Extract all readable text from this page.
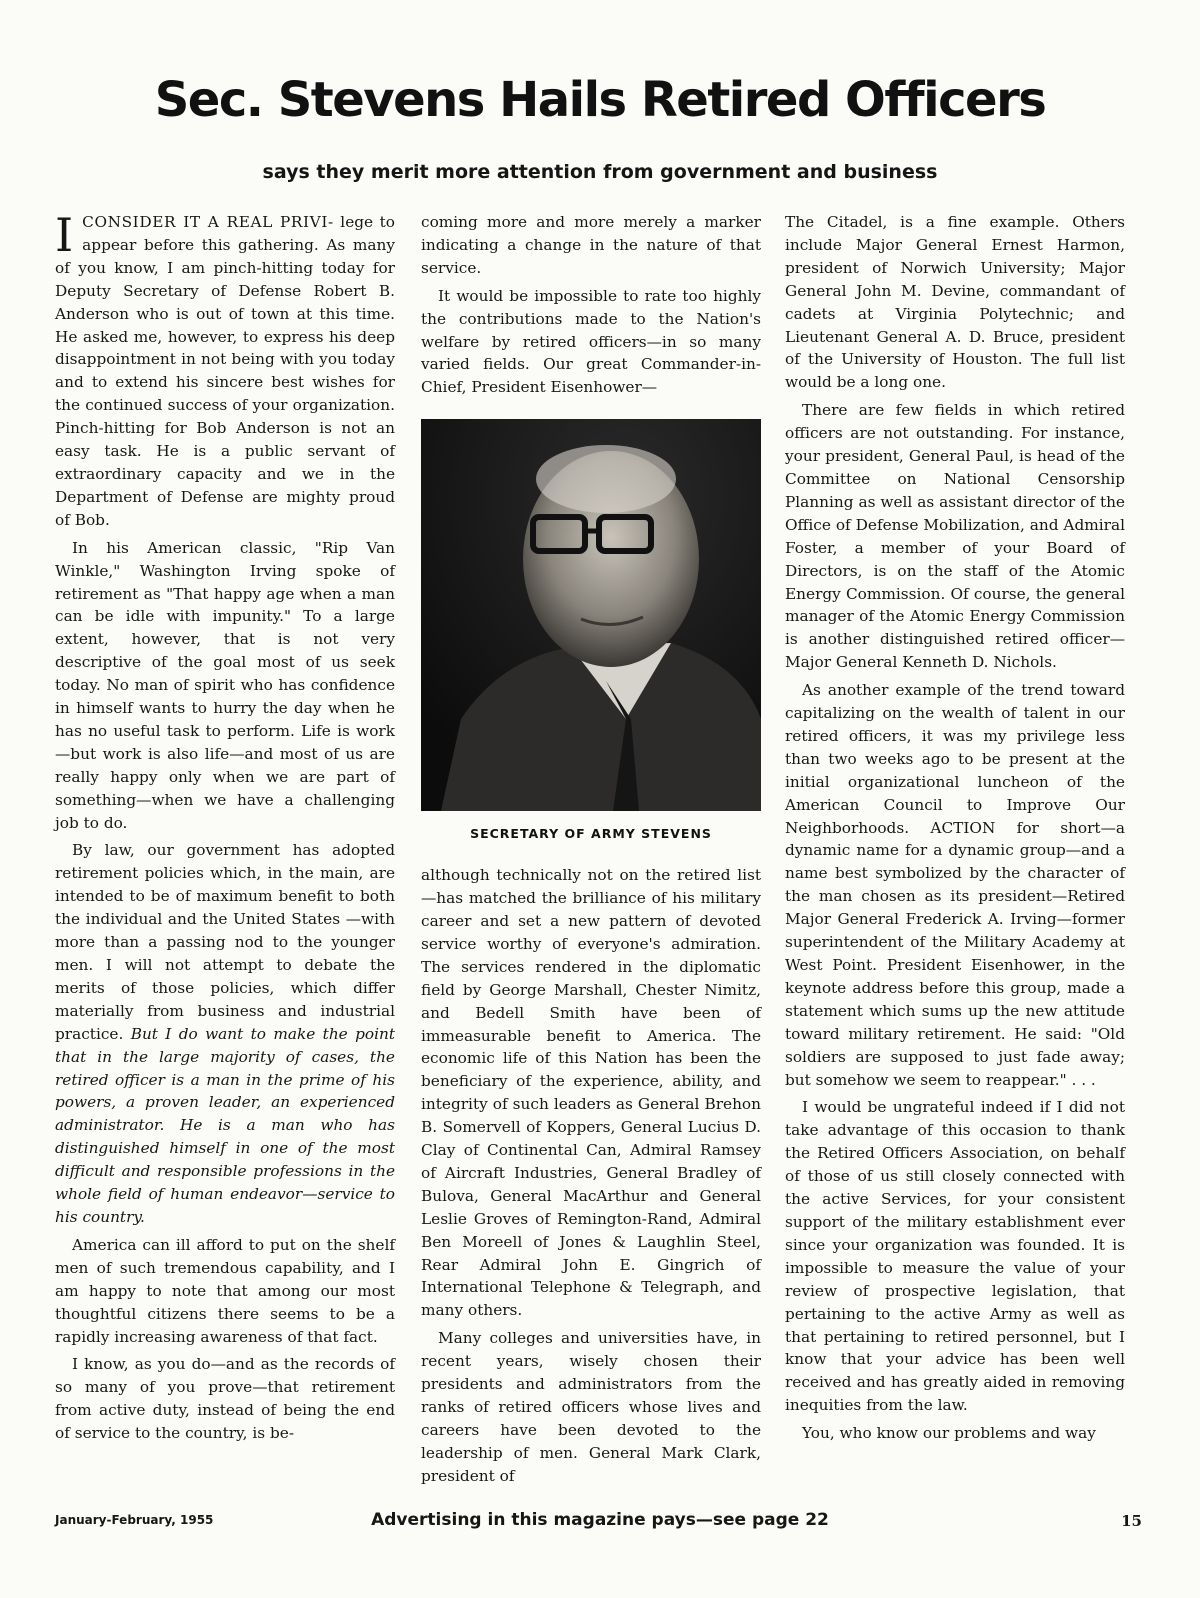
Sec. Stevens Hails Retired Officers
says they merit more attention from government and business

ICONSIDER IT A REAL PRIVI- lege to appear before this gathering. As many of you know, I am pinch-hitting today for Deputy Secretary of Defense Robert B. Anderson who is out of town at this time. He asked me, however, to express his deep disappointment in not being with you today and to extend his sincere best wishes for the continued success of your organization. Pinch-hitting for Bob Anderson is not an easy task. He is a public servant of extraordinary capacity and we in the Department of Defense are mighty proud of Bob.

In his American classic, "Rip Van Winkle," Washington Irving spoke of retirement as "That happy age when a man can be idle with impunity." To a large extent, however, that is not very descriptive of the goal most of us seek today. No man of spirit who has confidence in himself wants to hurry the day when he has no useful task to perform. Life is work—but work is also life—and most of us are really happy only when we are part of something—when we have a challenging job to do.

By law, our government has adopted retirement policies which, in the main, are intended to be of maximum benefit to both the individual and the United States —with more than a passing nod to the younger men. I will not attempt to debate the merits of those policies, which differ materially from business and industrial practice. But I do want to make the point that in the large majority of cases, the retired officer is a man in the prime of his powers, a proven leader, an experienced administrator. He is a man who has distinguished himself in one of the most difficult and responsible professions in the whole field of human endeavor—service to his country.

America can ill afford to put on the shelf men of such tremendous capability, and I am happy to note that among our most thoughtful citizens there seems to be a rapidly increasing awareness of that fact.

I know, as you do—and as the records of so many of you prove—that retirement from active duty, instead of being the end of service to the country, is be-

coming more and more merely a marker indicating a change in the nature of that service.

It would be impossible to rate too highly the contributions made to the Nation's welfare by retired officers—in so many varied fields. Our great Commander-in-Chief, President Eisenhower—

SECRETARY OF ARMY STEVENS

although technically not on the retired list—has matched the brilliance of his military career and set a new pattern of devoted service worthy of everyone's admiration. The services rendered in the diplomatic field by George Marshall, Chester Nimitz, and Bedell Smith have been of immeasurable benefit to America. The economic life of this Nation has been the beneficiary of the experience, ability, and integrity of such leaders as General Brehon B. Somervell of Koppers, General Lucius D. Clay of Continental Can, Admiral Ramsey of Aircraft Industries, General Bradley of Bulova, General MacArthur and General Leslie Groves of Remington-Rand, Admiral Ben Moreell of Jones & Laughlin Steel, Rear Admiral John E. Gingrich of International Telephone & Telegraph, and many others.

Many colleges and universities have, in recent years, wisely chosen their presidents and administrators from the ranks of retired officers whose lives and careers have been devoted to the leadership of men. General Mark Clark, president of

The Citadel, is a fine example. Others include Major General Ernest Harmon, president of Norwich University; Major General John M. Devine, commandant of cadets at Virginia Polytechnic; and Lieutenant General A. D. Bruce, president of the University of Houston. The full list would be a long one.

There are few fields in which retired officers are not outstanding. For instance, your president, General Paul, is head of the Committee on National Censorship Planning as well as assistant director of the Office of Defense Mobilization, and Admiral Foster, a member of your Board of Directors, is on the staff of the Atomic Energy Commission. Of course, the general manager of the Atomic Energy Commission is another distinguished retired officer—Major General Kenneth D. Nichols.

As another example of the trend toward capitalizing on the wealth of talent in our retired officers, it was my privilege less than two weeks ago to be present at the initial organizational luncheon of the American Council to Improve Our Neighborhoods. ACTION for short—a dynamic name for a dynamic group—and a name best symbolized by the character of the man chosen as its president—Retired Major General Frederick A. Irving—former superintendent of the Military Academy at West Point. President Eisenhower, in the keynote address before this group, made a statement which sums up the new attitude toward military retirement. He said: "Old soldiers are supposed to just fade away; but somehow we seem to reappear." . . .

I would be ungrateful indeed if I did not take advantage of this occasion to thank the Retired Officers Association, on behalf of those of us still closely connected with the active Services, for your consistent support of the military establishment ever since your organization was founded. It is impossible to measure the value of your review of prospective legislation, that pertaining to the active Army as well as that pertaining to retired personnel, but I know that your advice has been well received and has greatly aided in removing inequities from the law.

You, who know our problems and way

January-February, 1955	Advertising in this magazine pays—see page 22	15
